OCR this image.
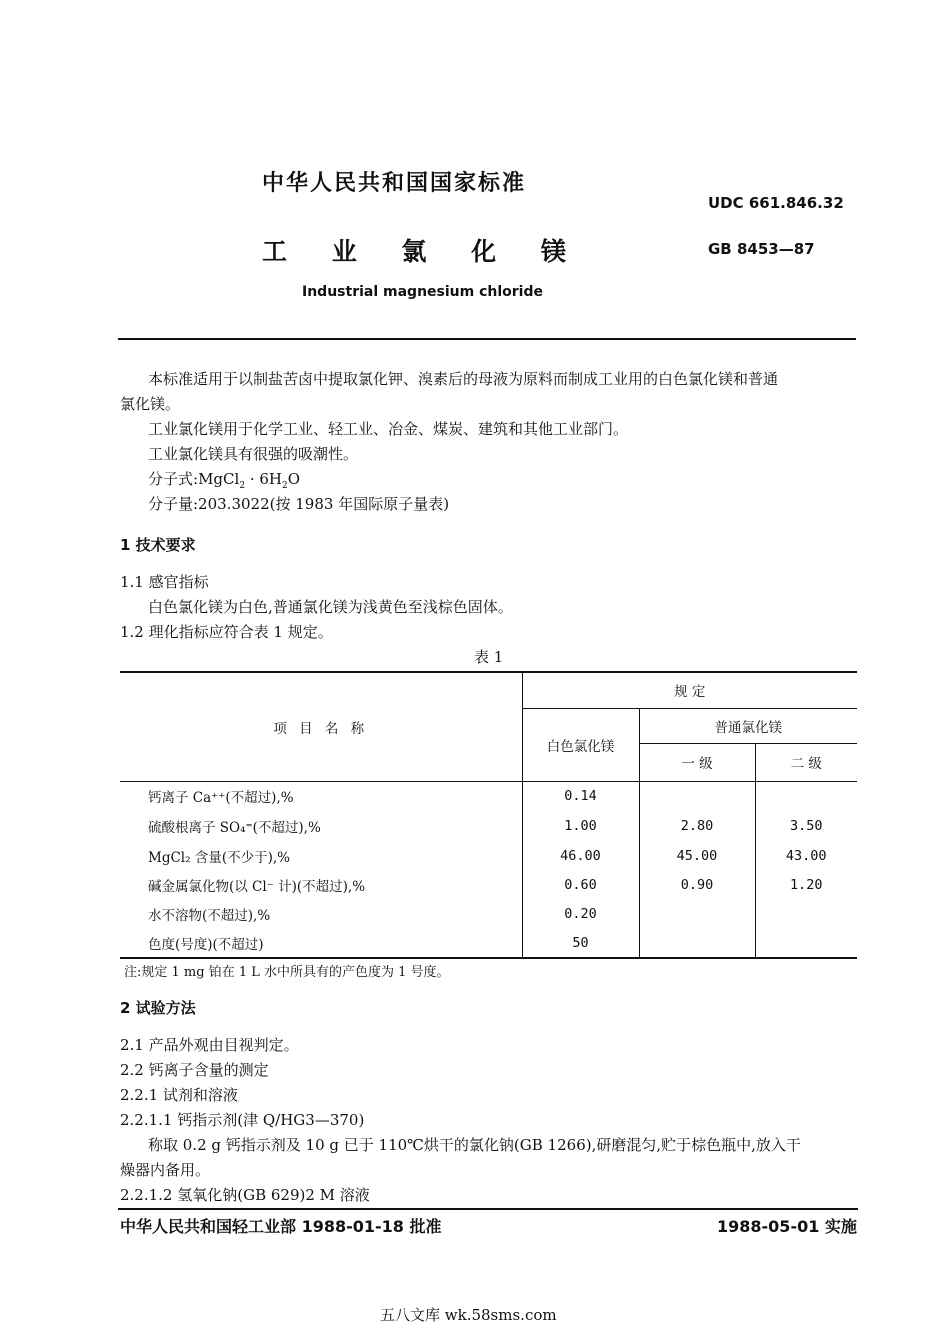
中华人民共和国国家标准
UDC 661.846.32
工 业 氯 化 镁	GB 8453—87
Industrial magnesium chloride
本标准适用于以制盐苦卤中提取氯化钾、溴素后的母液为原料而制成工业用的白色氯化镁和普通
氯化镁。
工业氯化镁用于化学工业、轻工业、冶金、煤炭、建筑和其他工业部门。
工业氯化镁具有很强的吸潮性。
分子式:MgCl$_2$ · $6H_2O$
分子量:203.3022(按 1983 年国际原子量表)
1 技术要求
1.1 感官指标
白色氯化镁为白色,普通氯化镁为浅黄色至浅棕色固体。
1.2 理化指标应符合表 1 规定。
表 1
项 目 名 称	规 定		
	白色氯化镁	普通氯化镁	
		一 级	二 级
钙离子 Ca⁺⁺(不超过),%	0.14		
硫酸根离子 SO₄⁼(不超过),%	1.00	2.80	3.50
MgCl₂ 含量(不少于),%	46.00	45.00	43.00
碱金属氯化物(以 Cl⁻ 计)(不超过),%	0.60	0.90	1.20
水不溶物(不超过),%	0.20		
色度(号度)(不超过)	50		
注:规定 1 mg 铂在 1 L 水中所具有的产色度为 1 号度。
2 试验方法
2.1 产品外观由目视判定。
2.2 钙离子含量的测定
2.2.1 试剂和溶液
2.2.1.1 钙指示剂(津 Q/HG3—370)
称取 0.2 g 钙指示剂及 10 g 已于 110℃烘干的氯化钠(GB 1266),研磨混匀,贮于棕色瓶中,放入干
燥器内备用。
2.2.1.2 氢氧化钠(GB 629)2 M 溶液
中华人民共和国轻工业部 1988-01-18 批准	1988-05-01 实施
五八文库 wk.58sms.com
